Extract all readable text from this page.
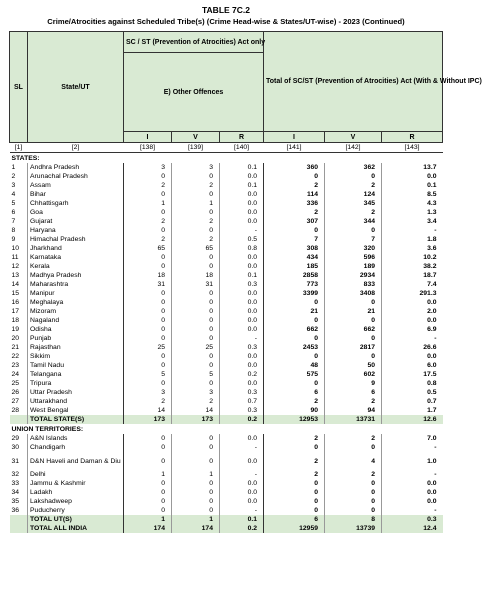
TABLE 7C.2
Crime/Atrocities against Scheduled Tribe(s) (Crime Head-wise & States/UT-wise) - 2023 (Continued)
SL	State/UT	SC / ST (Prevention of Atrocities) Act only			Total of SC/ST (Prevention of Atrocities) Act (With & Without IPC)		
		E) Other Offences					
		I	V	R	I	V	R
[1]	[2]	[138]	[139]	[140]	[141]	[142]	[143]
STATES:							
1	Andhra Pradesh	3	3	0.1	360	362	13.7
2	Arunachal Pradesh	0	0	0.0	0	0	0.0
3	Assam	2	2	0.1	2	2	0.1
4	Bihar	0	0	0.0	114	124	8.5
5	Chhattisgarh	1	1	0.0	336	345	4.3
6	Goa	0	0	0.0	2	2	1.3
7	Gujarat	2	2	0.0	307	344	3.4
8	Haryana	0	0	-	0	0	-
9	Himachal Pradesh	2	2	0.5	7	7	1.8
10	Jharkhand	65	65	0.8	308	320	3.6
11	Karnataka	0	0	0.0	434	596	10.2
12	Kerala	0	0	0.0	185	189	38.2
13	Madhya Pradesh	18	18	0.1	2858	2934	18.7
14	Maharashtra	31	31	0.3	773	833	7.4
15	Manipur	0	0	0.0	3399	3408	291.3
16	Meghalaya	0	0	0.0	0	0	0.0
17	Mizoram	0	0	0.0	21	21	2.0
18	Nagaland	0	0	0.0	0	0	0.0
19	Odisha	0	0	0.0	662	662	6.9
20	Punjab	0	0	-	0	0	-
21	Rajasthan	25	25	0.3	2453	2817	26.6
22	Sikkim	0	0	0.0	0	0	0.0
23	Tamil Nadu	0	0	0.0	48	50	6.0
24	Telangana	5	5	0.2	575	602	17.5
25	Tripura	0	0	0.0	0	9	0.8
26	Uttar Pradesh	3	3	0.3	6	6	0.5
27	Uttarakhand	2	2	0.7	2	2	0.7
28	West Bengal	14	14	0.3	90	94	1.7
	TOTAL STATE(S)	173	173	0.2	12953	13731	12.6
UNION TERRITORIES:							
29	A&N Islands	0	0	0.0	2	2	7.0
30	Chandigarh	0	0	-	0	0	-
31	D&N Haveli and Daman & Diu	0	0	0.0	2	4	1.0
32	Delhi	1	1	-	2	2	-
33	Jammu & Kashmir	0	0	0.0	0	0	0.0
34	Ladakh	0	0	0.0	0	0	0.0
35	Lakshadweep	0	0	0.0	0	0	0.0
36	Puducherry	0	0	-	0	0	-
	TOTAL UT(S)	1	1	0.1	6	8	0.3
	TOTAL ALL INDIA	174	174	0.2	12959	13739	12.4
